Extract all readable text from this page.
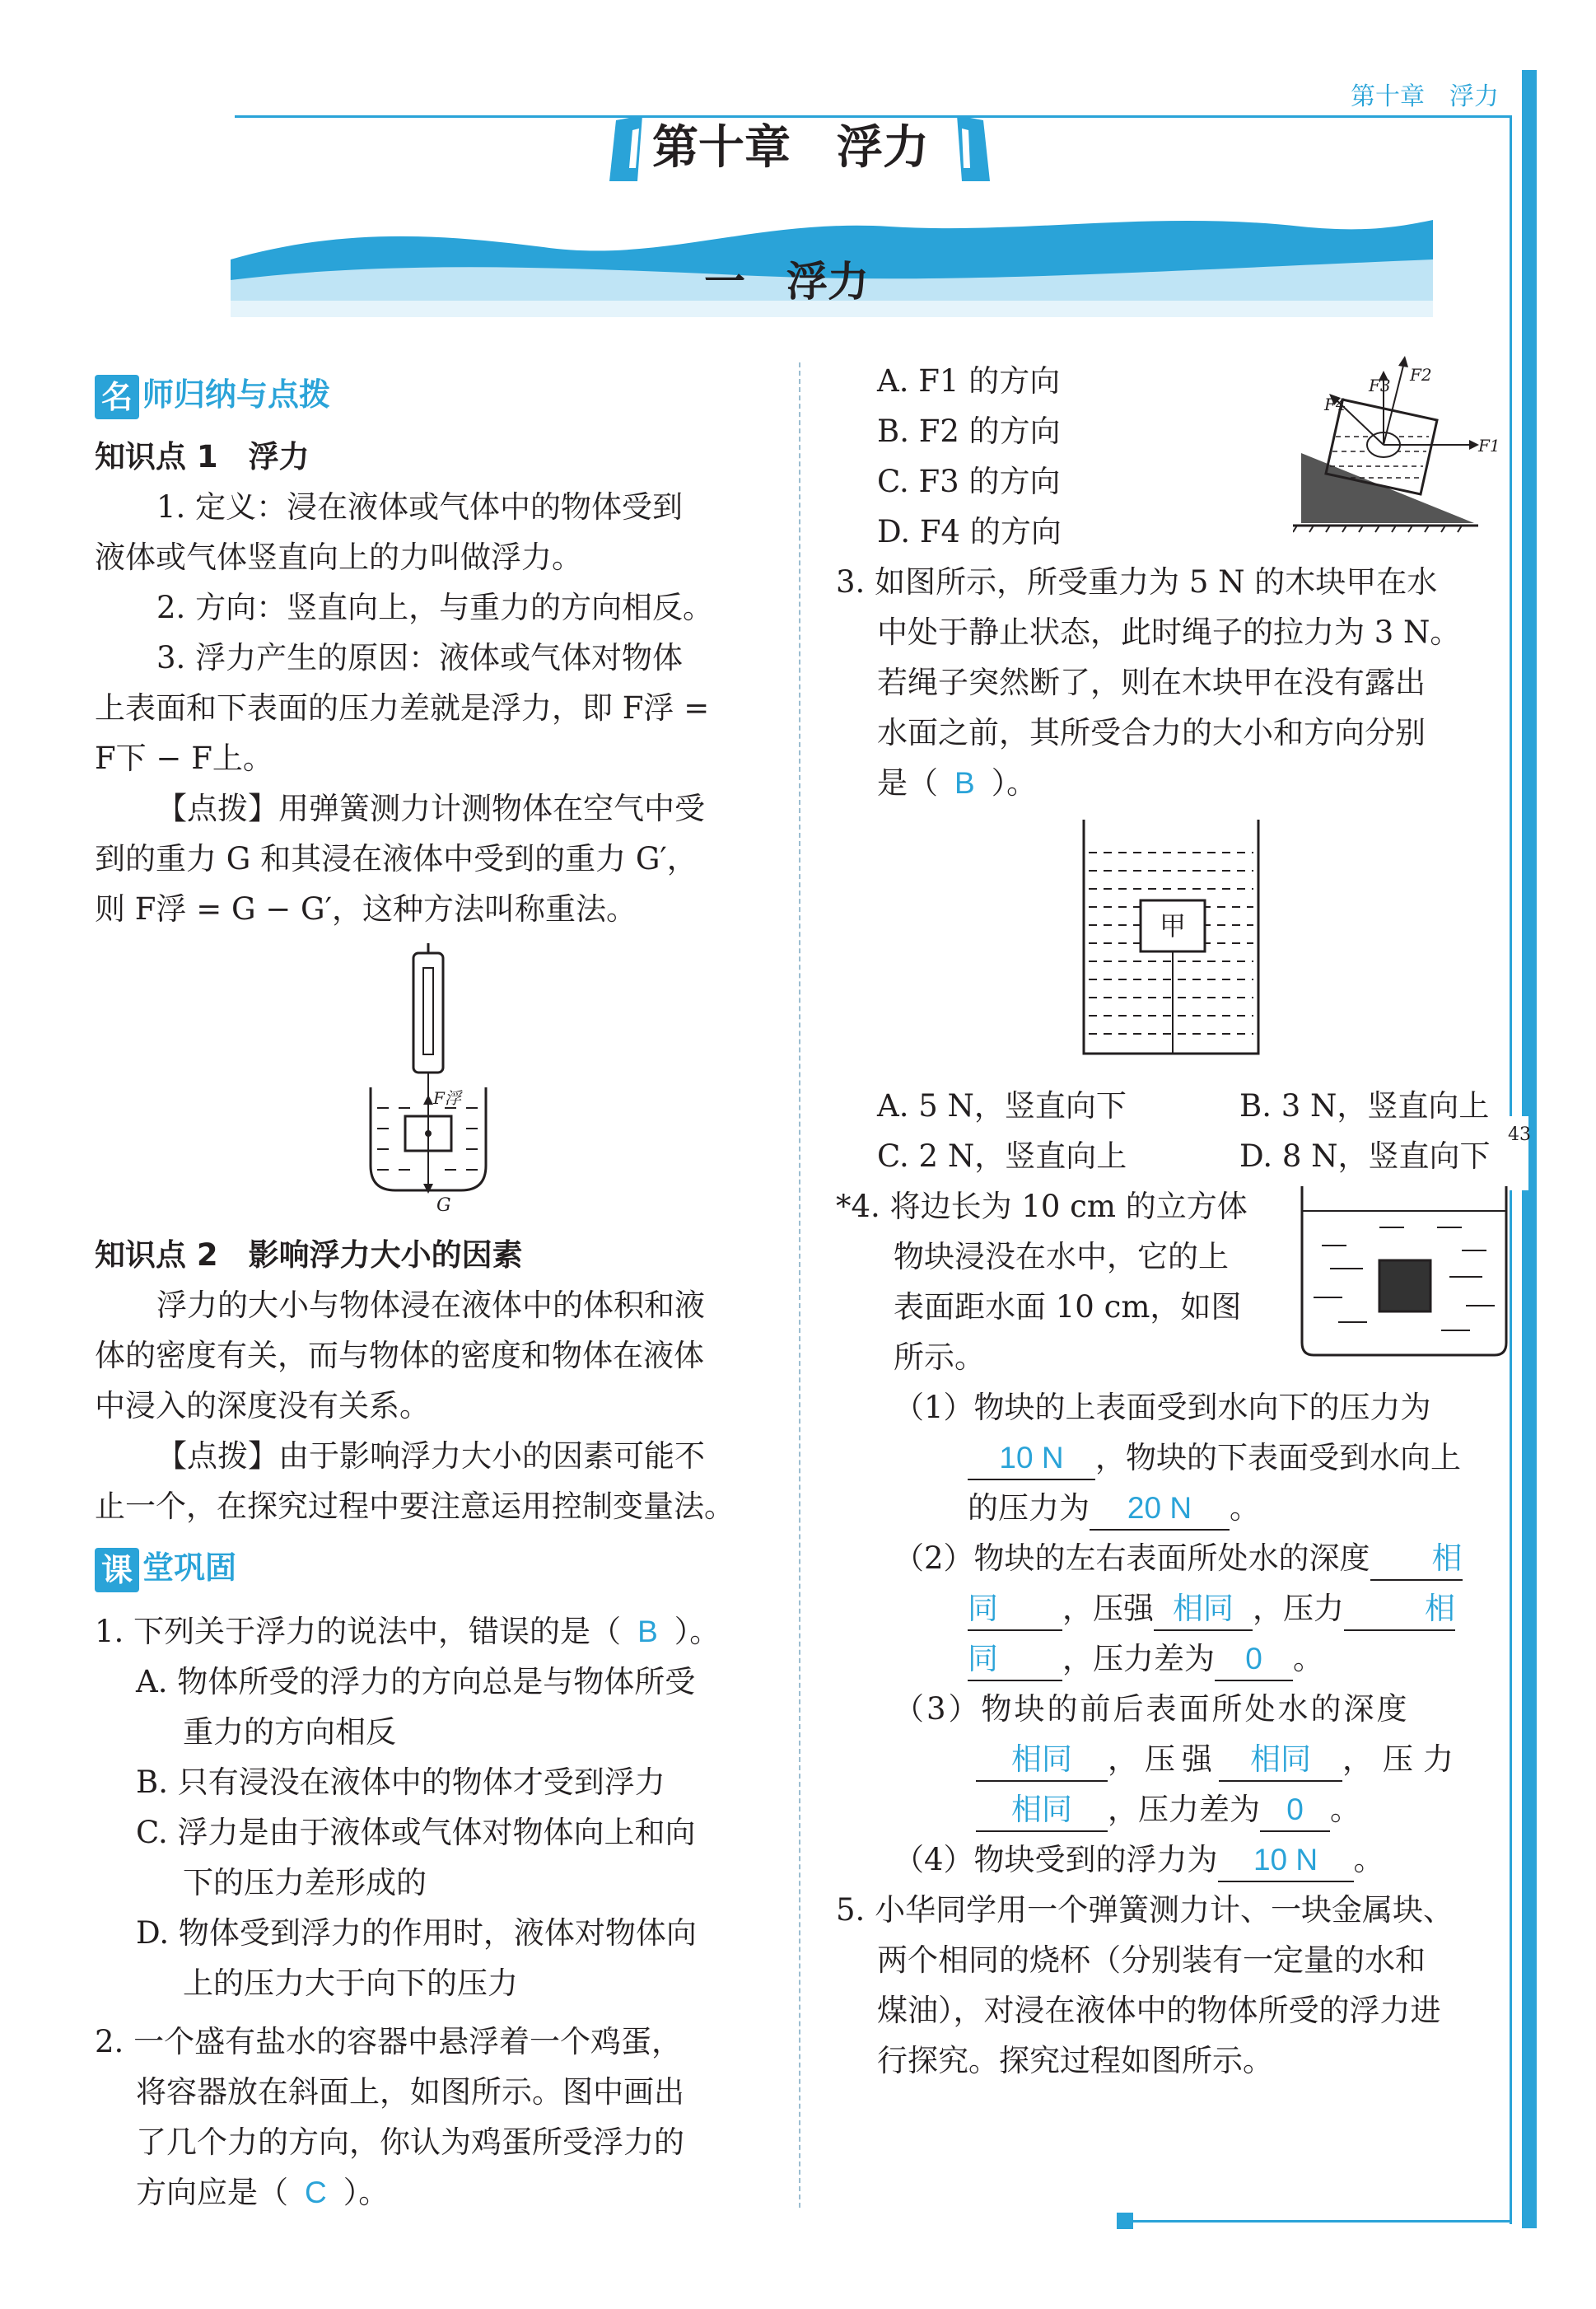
第十章　浮力
43
第十章　浮力
一　浮力
名 师归纳与点拨
知识点 1　浮力
1. 定义：浸在液体或气体中的物体受到
液体或气体竖直向上的力叫做浮力。
2. 方向：竖直向上，与重力的方向相反。
3. 浮力产生的原因：液体或气体对物体
上表面和下表面的压力差就是浮力，即 F浮 =
F下 − F上。
【点拨】用弹簧测力计测物体在空气中受
到的重力 G 和其浸在液体中受到的重力 G′，
则 F浮 = G − G′，这种方法叫称重法。
F浮
G
知识点 2　影响浮力大小的因素
浮力的大小与物体浸在液体中的体积和液
体的密度有关，而与物体的密度和物体在液体
中浸入的深度没有关系。
【点拨】由于影响浮力大小的因素可能不
止一个，在探究过程中要注意运用控制变量法。
课 堂巩固
1. 下列关于浮力的说法中，错误的是（ B ）。
A. 物体所受的浮力的方向总是与物体所受
重力的方向相反
B. 只有浸没在液体中的物体才受到浮力
C. 浮力是由于液体或气体对物体向上和向
下的压力差形成的
D. 物体受到浮力的作用时，液体对物体向
上的压力大于向下的压力
2. 一个盛有盐水的容器中悬浮着一个鸡蛋，
将容器放在斜面上，如图所示。图中画出
了几个力的方向，你认为鸡蛋所受浮力的
方向应是（ C ）。
A. F1 的方向
B. F2 的方向
C. F3 的方向
D. F4 的方向
F1
F2
F3
F4
3. 如图所示，所受重力为 5 N 的木块甲在水
中处于静止状态，此时绳子的拉力为 3 N。
若绳子突然断了，则在木块甲在没有露出
水面之前，其所受合力的大小和方向分别
是（ B ）。
甲
A. 5 N，竖直向下	B. 3 N，竖直向上
C. 2 N，竖直向上	D. 8 N，竖直向下
*4. 将边长为 10 cm 的立方体
物块浸没在水中，它的上
表面距水面 10 cm，如图
所示。
（1）物块的上表面受到水向下的压力为
10 N ，物块的下表面受到水向上
的压力为 20 N 。
（2）物块的左右表面所处水的深度 相
同 ，压强 相同 ，压力	相
同 ，压力差为 0 。
（3）物块的前后表面所处水的深度
相同 ，压强 相同 ，压力
相同 ，压力差为 0 。
（4）物块受到的浮力为 10 N 。
5. 小华同学用一个弹簧测力计、一块金属块、
两个相同的烧杯（分别装有一定量的水和
煤油），对浸在液体中的物体所受的浮力进
行探究。探究过程如图所示。
